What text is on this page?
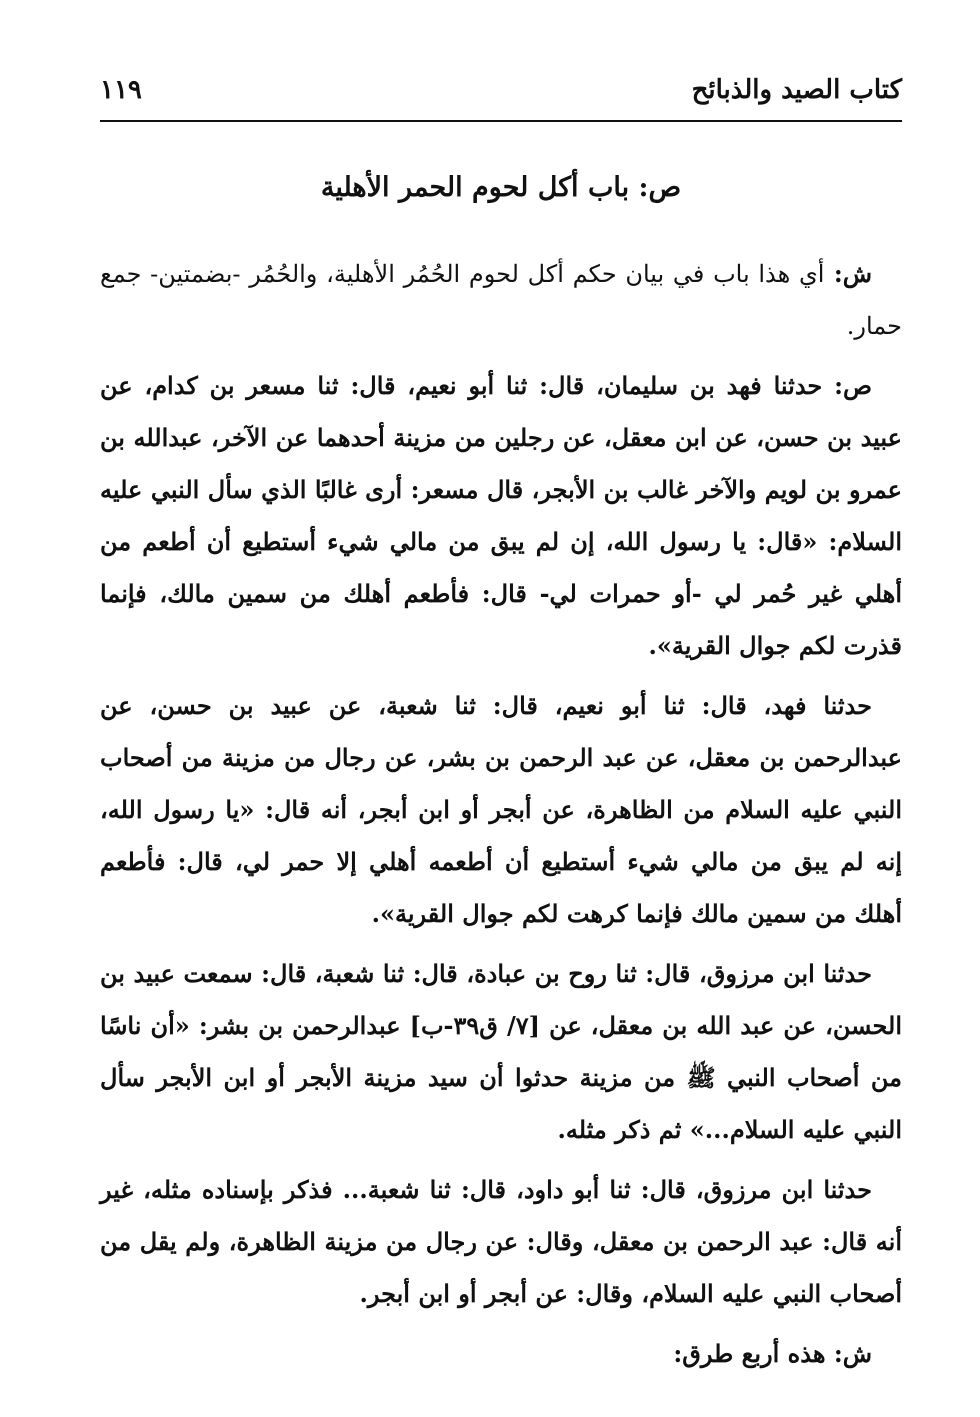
كتاب الصيد والذبائح
١١٩
ص: باب أكل لحوم الحمر الأهلية

ش: أي هذا باب في بيان حكم أكل لحوم الحُمُر الأهلية، والحُمُر -بضمتين- جمع حمار.

ص: حدثنا فهد بن سليمان، قال: ثنا أبو نعيم، قال: ثنا مسعر بن كدام، عن عبيد بن حسن، عن ابن معقل، عن رجلين من مزينة أحدهما عن الآخر، عبدالله بن عمرو بن لويم والآخر غالب بن الأبجر، قال مسعر: أرى غالبًا الذي سأل النبي عليه السلام: «قال: يا رسول الله، إن لم يبق من مالي شيء أستطيع أن أطعم من أهلي غير حُمر لي -أو حمرات لي- قال: فأطعم أهلك من سمين مالك، فإنما قذرت لكم جوال القرية».

حدثنا فهد، قال: ثنا أبو نعيم، قال: ثنا شعبة، عن عبيد بن حسن، عن عبدالرحمن بن معقل، عن عبد الرحمن بن بشر، عن رجال من مزينة من أصحاب النبي عليه السلام من الظاهرة، عن أبجر أو ابن أبجر، أنه قال: «يا رسول الله، إنه لم يبق من مالي شيء أستطيع أن أطعمه أهلي إلا حمر لي، قال: فأطعم أهلك من سمين مالك فإنما كرهت لكم جوال القرية».

حدثنا ابن مرزوق، قال: ثنا روح بن عبادة، قال: ثنا شعبة، قال: سمعت عبيد بن الحسن، عن عبد الله بن معقل، عن [٧/ ق٣٩-ب] عبدالرحمن بن بشر: «أن ناسًا من أصحاب النبي ﷺ من مزينة حدثوا أن سيد مزينة الأبجر أو ابن الأبجر سأل النبي عليه السلام...» ثم ذكر مثله.

حدثنا ابن مرزوق، قال: ثنا أبو داود، قال: ثنا شعبة... فذكر بإسناده مثله، غير أنه قال: عبد الرحمن بن معقل، وقال: عن رجال من مزينة الظاهرة، ولم يقل من أصحاب النبي عليه السلام، وقال: عن أبجر أو ابن أبجر.

ش: هذه أربع طرق:
